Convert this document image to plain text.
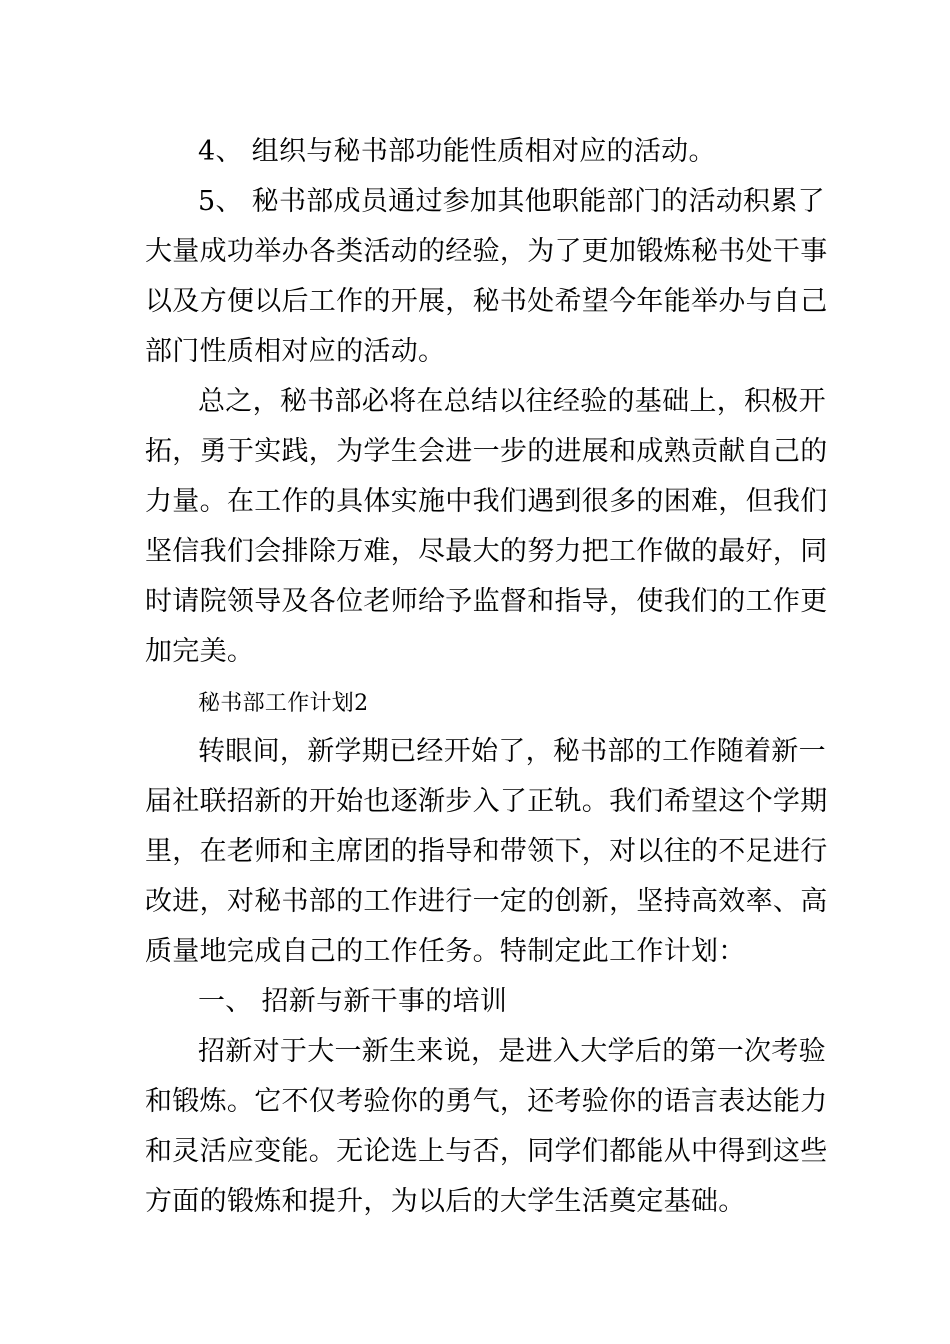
4、 组织与秘书部功能性质相对应的活动。
5、 秘书部成员通过参加其他职能部门的活动积累了
大量成功举办各类活动的经验，为了更加锻炼秘书处干事
以及方便以后工作的开展，秘书处希望今年能举办与自己
部门性质相对应的活动。
总之，秘书部必将在总结以往经验的基础上，积极开
拓，勇于实践，为学生会进一步的进展和成熟贡献自己的
力量。在工作的具体实施中我们遇到很多的困难，但我们
坚信我们会排除万难，尽最大的努力把工作做的最好，同
时请院领导及各位老师给予监督和指导，使我们的工作更
加完美。
秘书部工作计划2
转眼间，新学期已经开始了，秘书部的工作随着新一
届社联招新的开始也逐渐步入了正轨。我们希望这个学期
里，在老师和主席团的指导和带领下，对以往的不足进行
改进，对秘书部的工作进行一定的创新，坚持高效率、高
质量地完成自己的工作任务。特制定此工作计划：
一、 招新与新干事的培训
招新对于大一新生来说，是进入大学后的第一次考验
和锻炼。它不仅考验你的勇气，还考验你的语言表达能力
和灵活应变能。无论选上与否，同学们都能从中得到这些
方面的锻炼和提升，为以后的大学生活奠定基础。
